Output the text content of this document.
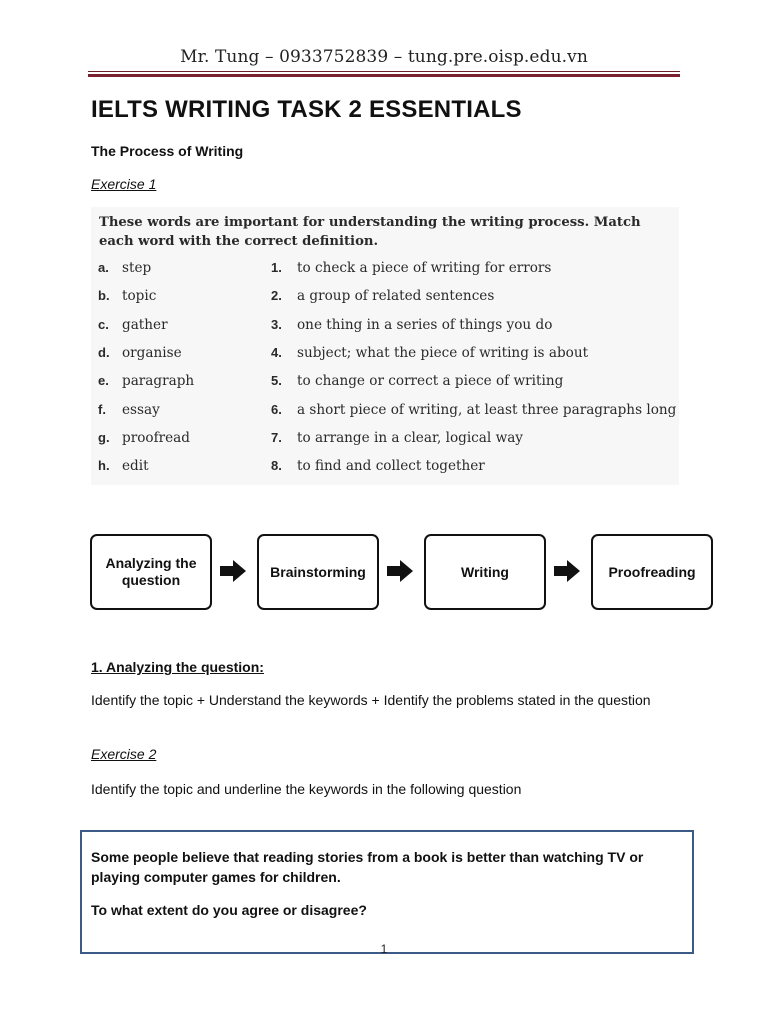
Mr. Tung – 0933752839 – tung.pre.oisp.edu.vn
IELTS WRITING TASK 2 ESSENTIALS
The Process of Writing
Exercise 1
These words are important for understanding the writing process. Match each word with the correct definition.
a. step	1. to check a piece of writing for errors
b. topic	2. a group of related sentences
c. gather	3. one thing in a series of things you do
d. organise	4. subject; what the piece of writing is about
e. paragraph	5. to change or correct a piece of writing
f. essay	6. a short piece of writing, at least three paragraphs long
g. proofread	7. to arrange in a clear, logical way
h. edit	8. to find and collect together
Analyzing the question
Brainstorming	Writing	Proofreading
1. Analyzing the question:
Identify the topic + Understand the keywords + Identify the problems stated in the question
Exercise 2
Identify the topic and underline the keywords in the following question
Some people believe that reading stories from a book is better than watching TV or playing computer games for children.
To what extent do you agree or disagree?
1
